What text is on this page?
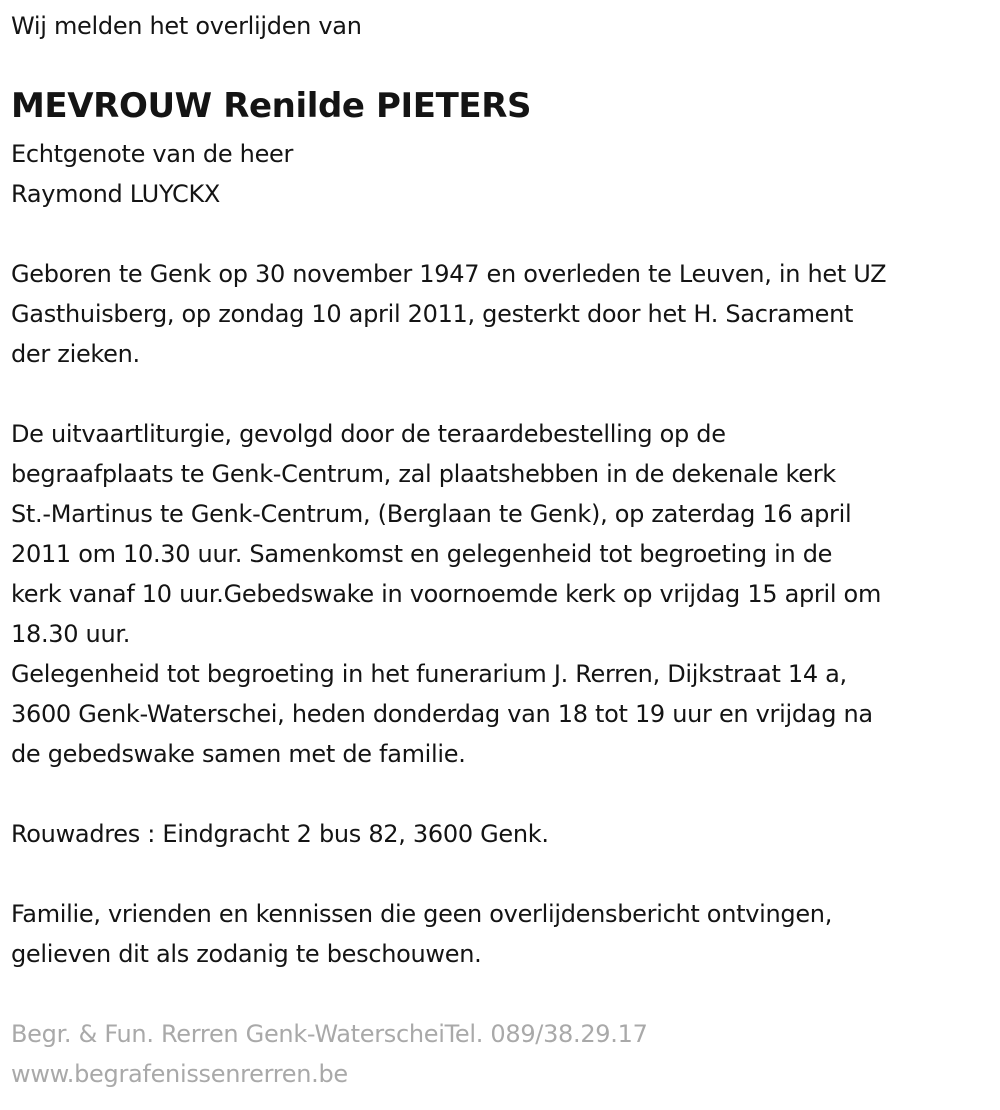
Wij melden het overlijden van
MEVROUW Renilde PIETERS
Echtgenote van de heer
Raymond LUYCKX
Geboren te Genk op 30 november 1947 en overleden te Leuven, in het UZ
Gasthuisberg, op zondag 10 april 2011, gesterkt door het H. Sacrament
der zieken.
De uitvaartliturgie, gevolgd door de teraardebestelling op de
begraafplaats te Genk-Centrum, zal plaatshebben in de dekenale kerk
St.-Martinus te Genk-Centrum, (Berglaan te Genk), op zaterdag 16 april
2011 om 10.30 uur. Samenkomst en gelegenheid tot begroeting in de
kerk vanaf 10 uur.Gebedswake in voornoemde kerk op vrijdag 15 april om
18.30 uur.
Gelegenheid tot begroeting in het funerarium J. Rerren, Dijkstraat 14 a,
3600 Genk-Waterschei, heden donderdag van 18 tot 19 uur en vrijdag na
de gebedswake samen met de familie.
Rouwadres : Eindgracht 2 bus 82, 3600 Genk.
Familie, vrienden en kennissen die geen overlijdensbericht ontvingen,
gelieven dit als zodanig te beschouwen.
Begr. & Fun. Rerren Genk-WaterscheiTel. 089/38.29.17
www.begrafenissenrerren.be
